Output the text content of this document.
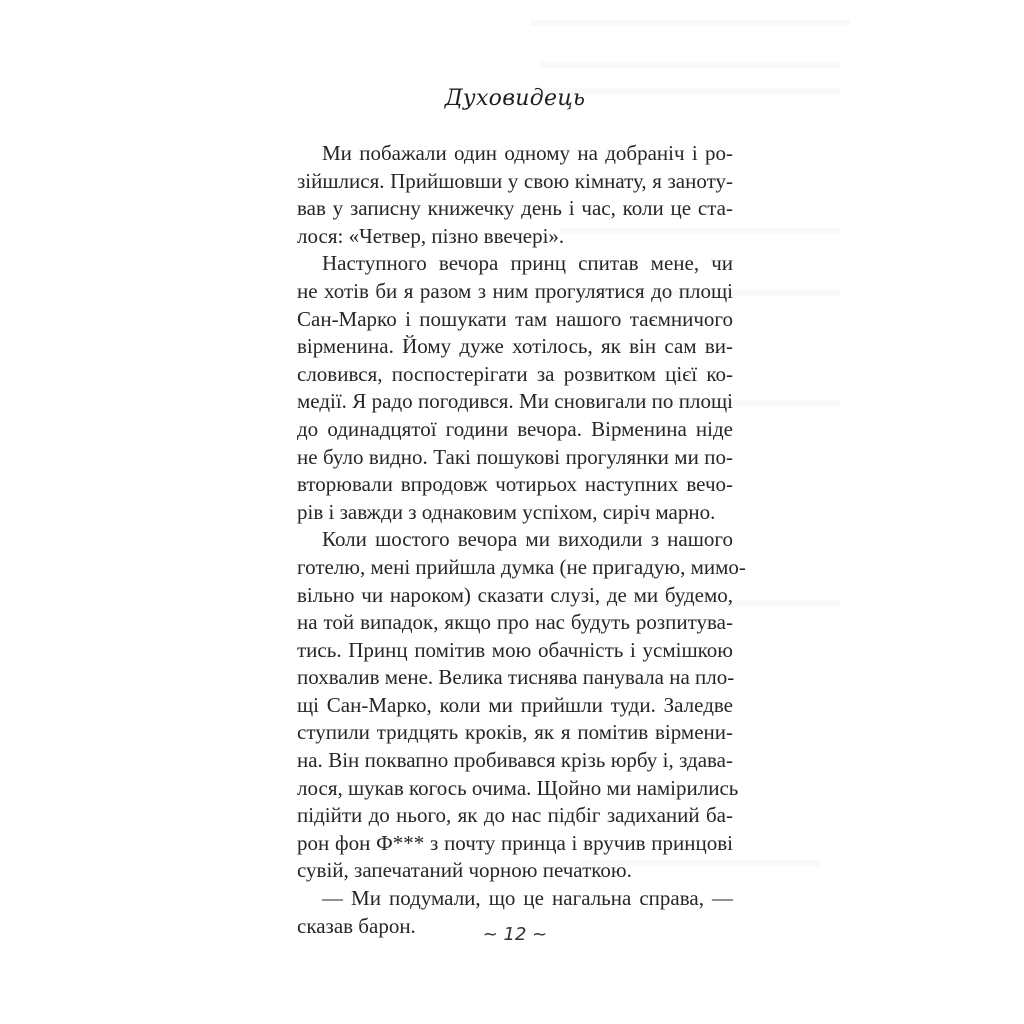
Духовидець
Ми побажали один одному на добраніч і ро-
зійшлися. Прийшовши у свою кімнату, я заноту-
вав у записну книжечку день і час, коли це ста-
лося: «Четвер, пізно ввечері».
Наступного вечора принц спитав мене, чи
не хотів би я разом з ним прогулятися до площі
Сан-Марко і пошукати там нашого таємничого
вірменина. Йому дуже хотілось, як він сам ви-
словився, поспостерігати за розвитком цієї ко-
медії. Я радо погодився. Ми сновигали по площі
до одинадцятої години вечора. Вірменина ніде
не було видно. Такі пошукові прогулянки ми по-
вторювали впродовж чотирьох наступних вечо-
рів і завжди з однаковим успіхом, сиріч марно.
Коли шостого вечора ми виходили з нашого
готелю, мені прийшла думка (не пригадую, мимо-
вільно чи нароком) сказати слузі, де ми будемо,
на той випадок, якщо про нас будуть розпитува-
тись. Принц помітив мою обачність і усмішкою
похвалив мене. Велика тиснява панувала на пло-
щі Сан-Марко, коли ми прийшли туди. Заледве
ступили тридцять кроків, як я помітив вірмени-
на. Він поквапно пробивався крізь юрбу і, здава-
лося, шукав когось очима. Щойно ми намірились
підійти до нього, як до нас підбіг задиханий ба-
рон фон Ф*** з почту принца і вручив принцові
сувій, запечатаний чорною печаткою.
— Ми подумали, що це нагальна справа, —
сказав барон.	~ 12 ~
